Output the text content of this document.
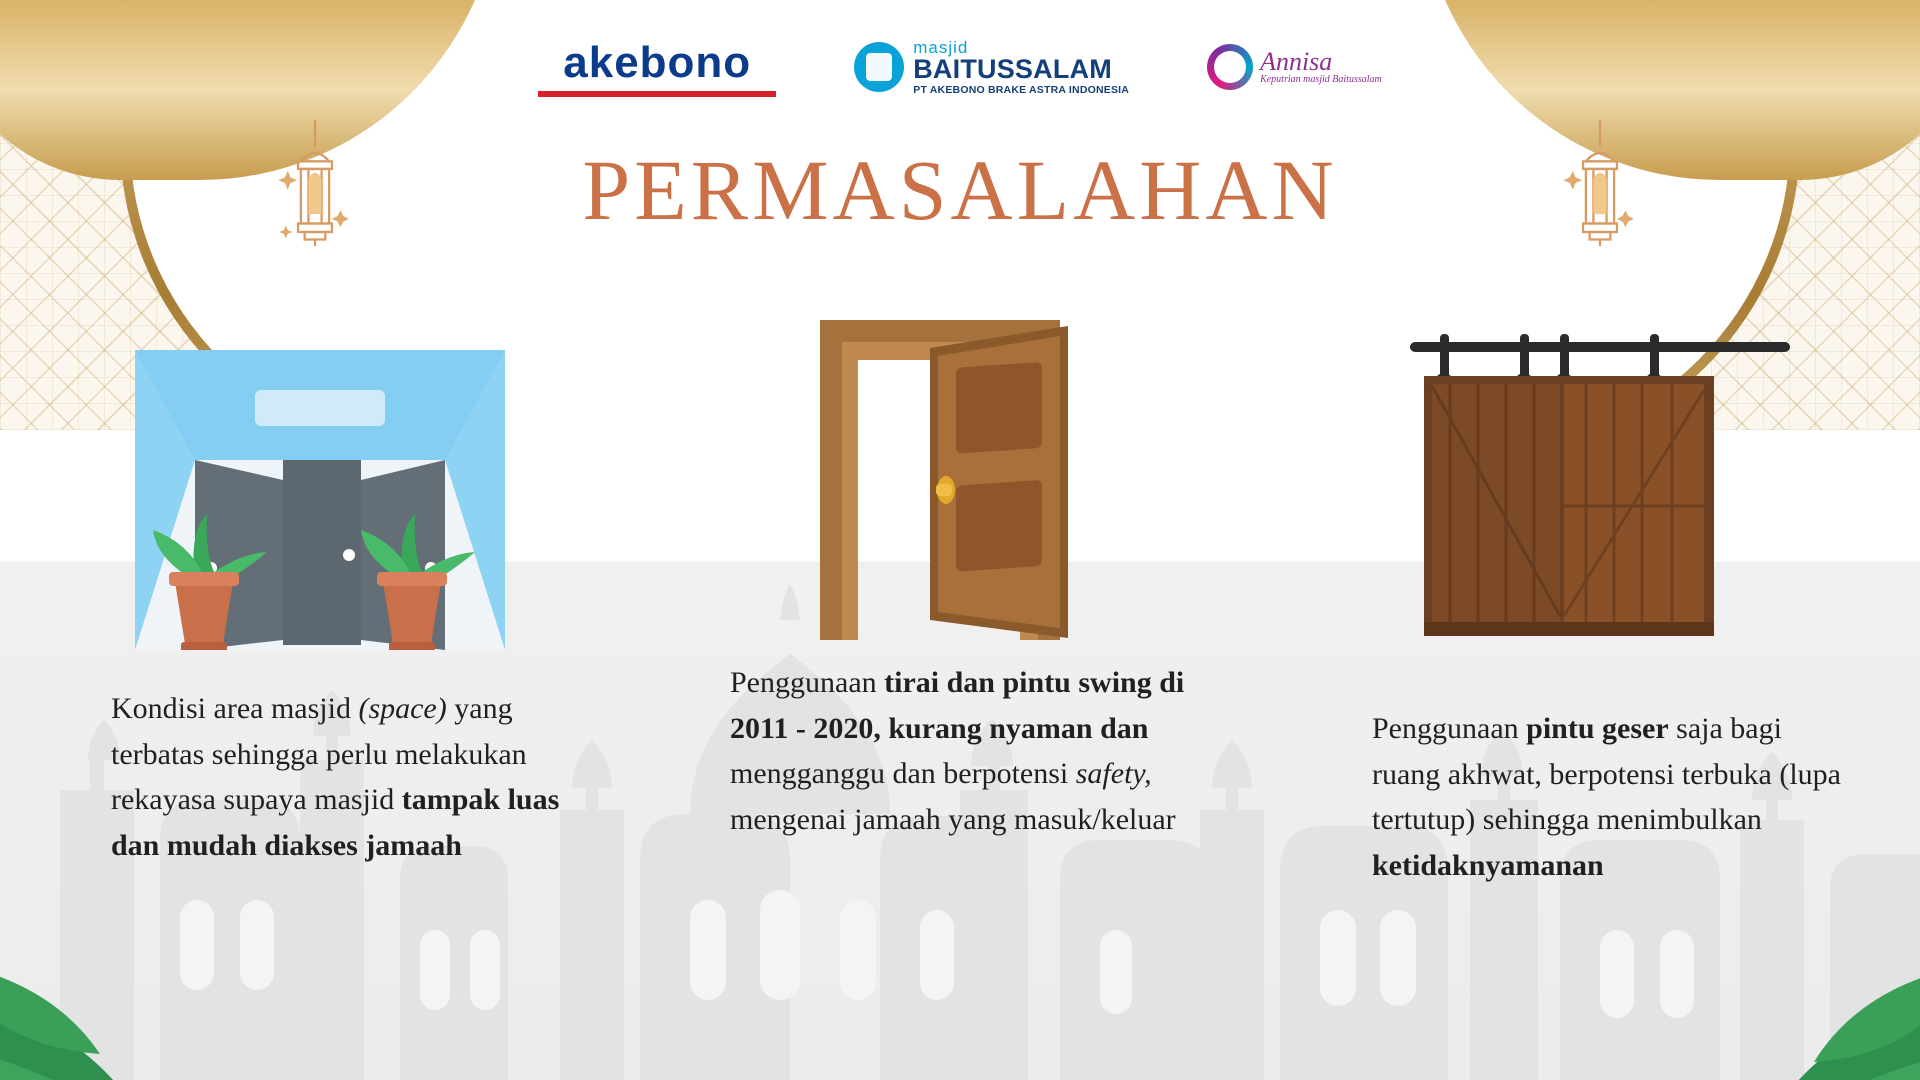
akebono	masjid
BAITUSSALAM
PT AKEBONO BRAKE ASTRA INDONESIA
Annisa
Keputrian masjid Baitussalam
PERMASALAHAN
Kondisi area masjid (space) yang terbatas sehingga perlu melakukan rekayasa supaya masjid tampak luas dan mudah diakses jamaah
Penggunaan tirai dan pintu swing di 2011 - 2020, kurang nyaman dan mengganggu dan berpotensi safety, mengenai jamaah yang masuk/keluar
Penggunaan pintu geser saja bagi ruang akhwat, berpotensi terbuka (lupa tertutup) sehingga menimbulkan ketidaknyamanan
